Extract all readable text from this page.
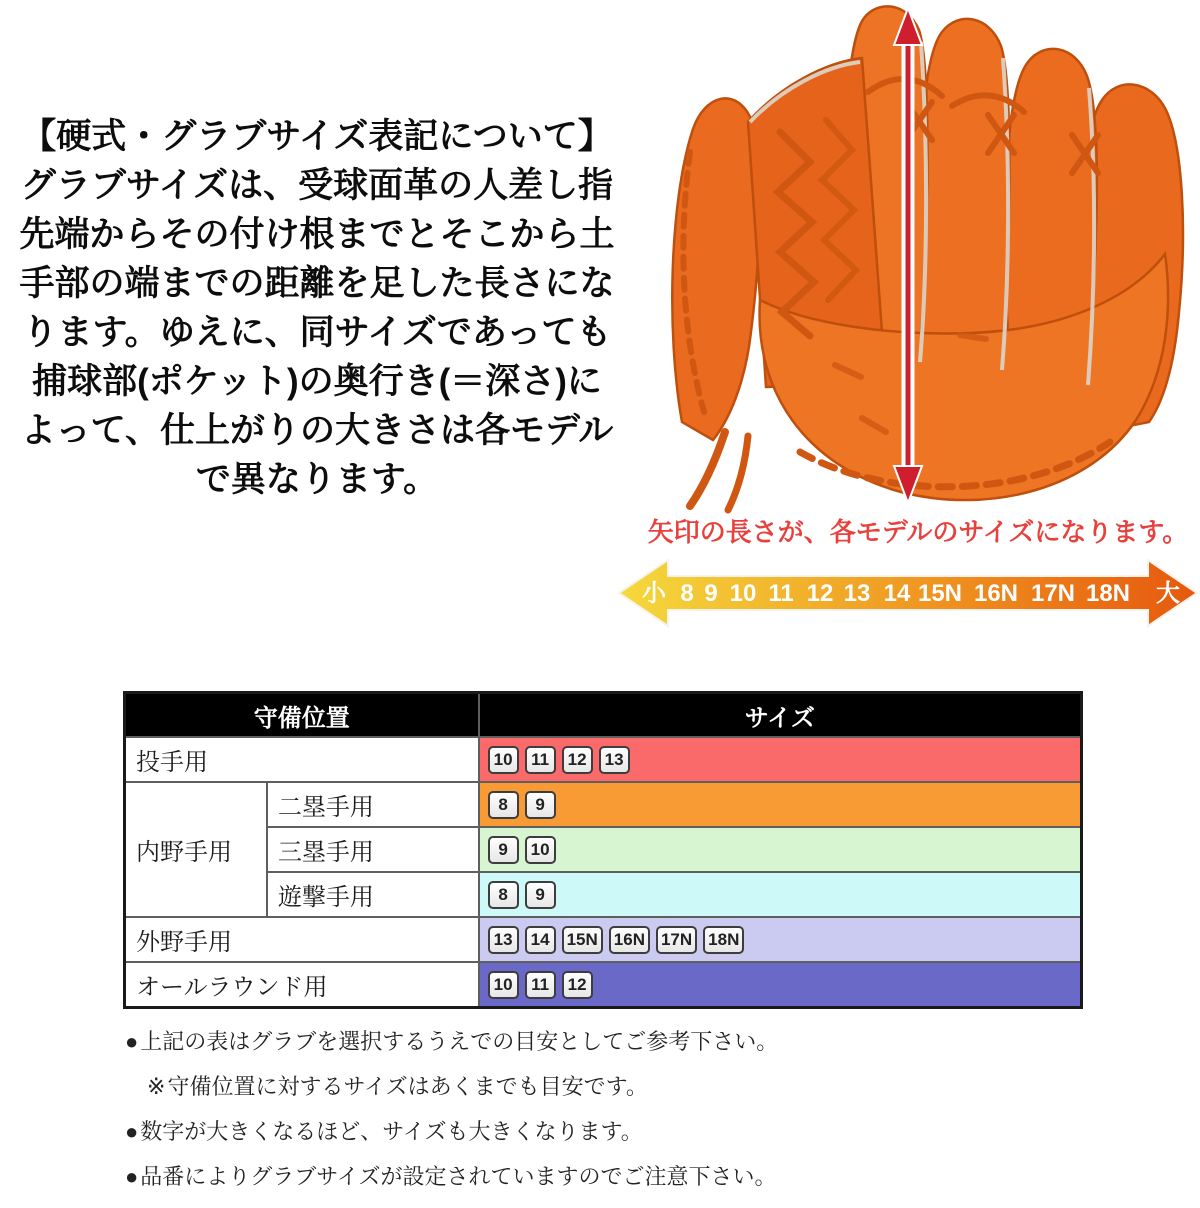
【硬式・グラブサイズ表記について】
グラブサイズは、受球面革の人差し指
先端からその付け根までとそこから土
手部の端までの距離を足した長さにな
ります。ゆえに、同サイズであっても
捕球部(ポケット)の奥行き(＝深さ)に
よって、仕上がりの大きさは各モデル
で異なります。
矢印の長さが、各モデルのサイズになります。
小 8 9 10 11 12 13 14 15N 16N 17N 18N 大
守備位置		サイズ
投手用		10 11 12 13
内野手用	二塁手用	8 9
	三塁手用	9 10
	遊撃手用	8 9
外野手用		13 14 15N 16N 17N 18N
オールラウンド用		10 11 12
●上記の表はグラブを選択するうえでの目安としてご参考下さい。
※守備位置に対するサイズはあくまでも目安です。
●数字が大きくなるほど、サイズも大きくなります。
●品番によりグラブサイズが設定されていますのでご注意下さい。
